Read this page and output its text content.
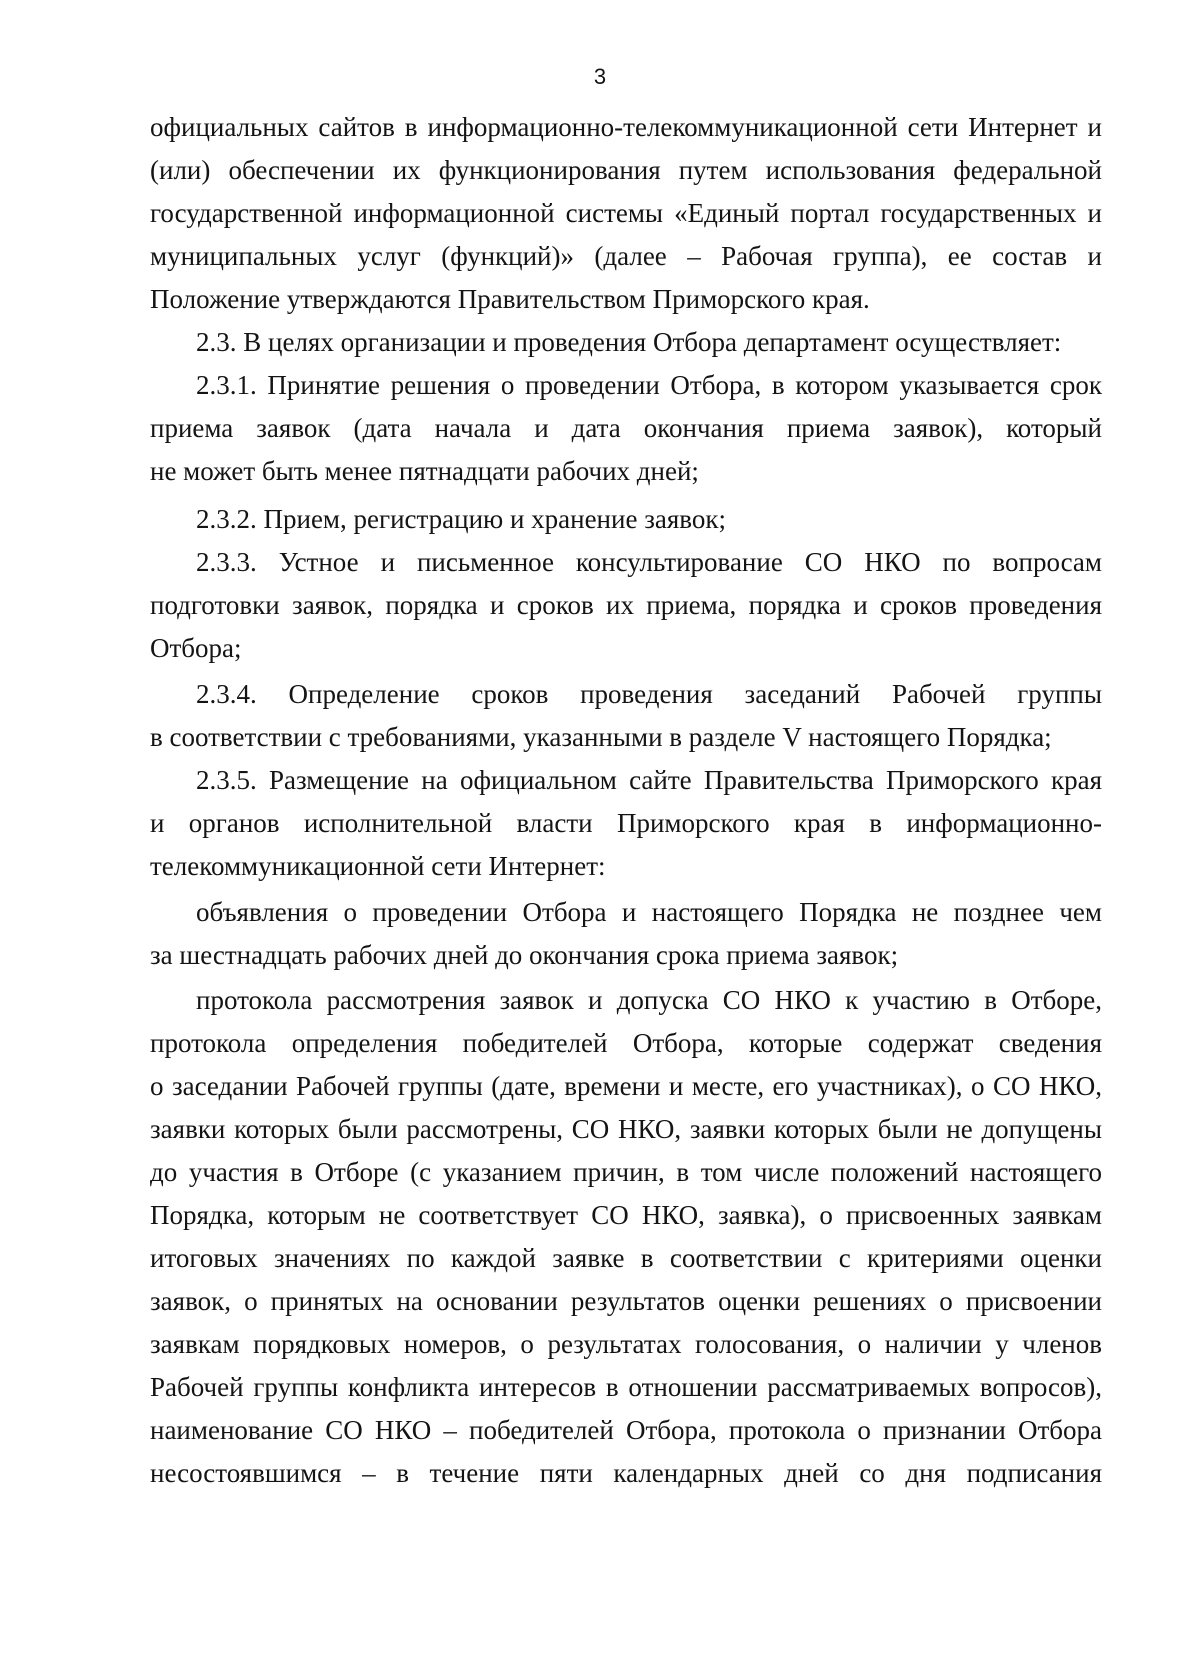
3
официальных сайтов в информационно-телекоммуникационной сети Интернет и
(или) обеспечении их функционирования путем использования федеральной
государственной информационной системы «Единый портал государственных и
муниципальных услуг (функций)» (далее – Рабочая группа), ее состав и
Положение утверждаются Правительством Приморского края.
2.3. В целях организации и проведения Отбора департамент осуществляет:
2.3.1. Принятие решения о проведении Отбора, в котором указывается срок
приема заявок (дата начала и дата окончания приема заявок), который
не может быть менее пятнадцати рабочих дней;
2.3.2. Прием, регистрацию и хранение заявок;
2.3.3. Устное и письменное консультирование СО НКО по вопросам
подготовки заявок, порядка и сроков их приема, порядка и сроков проведения
Отбора;
2.3.4. Определение сроков проведения заседаний Рабочей группы
в соответствии с требованиями, указанными в разделе V настоящего Порядка;
2.3.5. Размещение на официальном сайте Правительства Приморского края
и органов исполнительной власти Приморского края в информационно-
телекоммуникационной сети Интернет:
объявления о проведении Отбора и настоящего Порядка не позднее чем
за шестнадцать рабочих дней до окончания срока приема заявок;
протокола рассмотрения заявок и допуска СО НКО к участию в Отборе,
протокола определения победителей Отбора, которые содержат сведения
о заседании Рабочей группы (дате, времени и месте, его участниках), о СО НКО,
заявки которых были рассмотрены, СО НКО, заявки которых были не допущены
до участия в Отборе (с указанием причин, в том числе положений настоящего
Порядка, которым не соответствует СО НКО, заявка), о присвоенных заявкам
итоговых значениях по каждой заявке в соответствии с критериями оценки
заявок, о принятых на основании результатов оценки решениях о присвоении
заявкам порядковых номеров, о результатах голосования, о наличии у членов
Рабочей группы конфликта интересов в отношении рассматриваемых вопросов),
наименование СО НКО – победителей Отбора, протокола о признании Отбора
несостоявшимся – в течение пяти календарных дней со дня подписания
